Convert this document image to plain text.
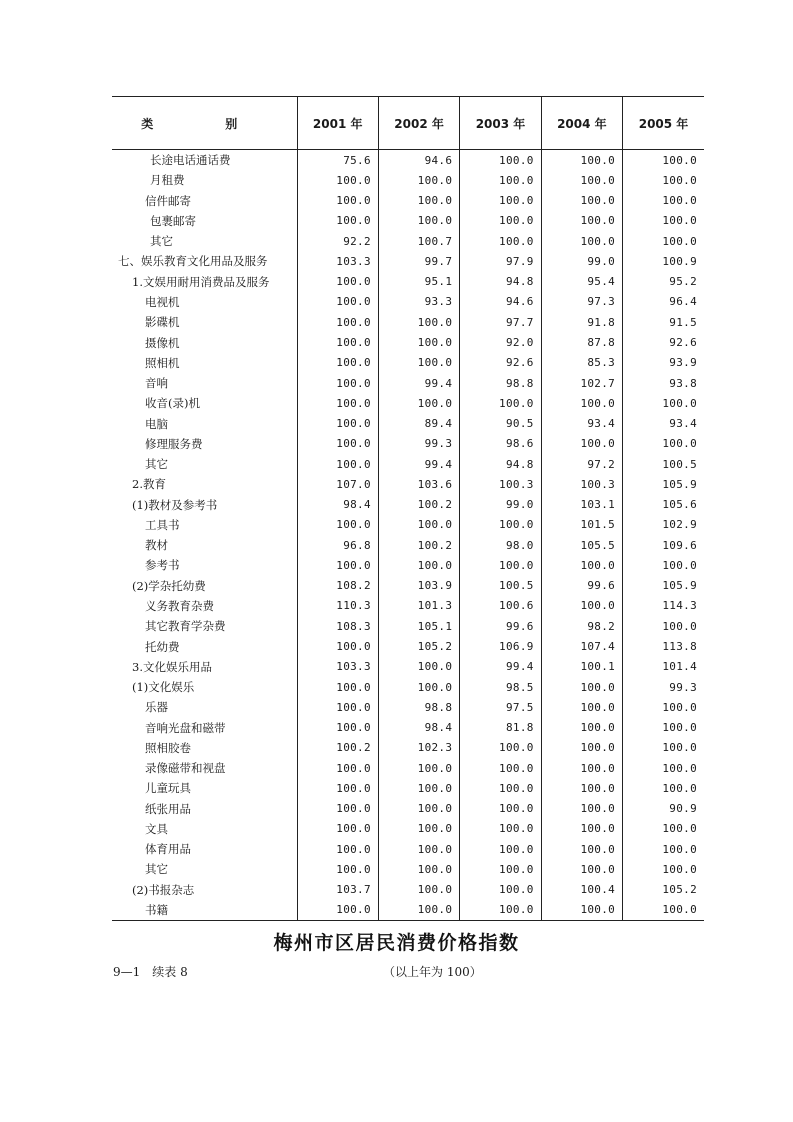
类　别	2001 年	2002 年	2003 年	2004 年	2005 年
长途电话通话费	75.6	94.6	100.0	100.0	100.0
月租费	100.0	100.0	100.0	100.0	100.0
信件邮寄	100.0	100.0	100.0	100.0	100.0
包裹邮寄	100.0	100.0	100.0	100.0	100.0
其它	92.2	100.7	100.0	100.0	100.0
七、娱乐教育文化用品及服务	103.3	99.7	97.9	99.0	100.9
1.文娱用耐用消费品及服务	100.0	95.1	94.8	95.4	95.2
电视机	100.0	93.3	94.6	97.3	96.4
影碟机	100.0	100.0	97.7	91.8	91.5
摄像机	100.0	100.0	92.0	87.8	92.6
照相机	100.0	100.0	92.6	85.3	93.9
音响	100.0	99.4	98.8	102.7	93.8
收音(录)机	100.0	100.0	100.0	100.0	100.0
电脑	100.0	89.4	90.5	93.4	93.4
修理服务费	100.0	99.3	98.6	100.0	100.0
其它	100.0	99.4	94.8	97.2	100.5
2.教育	107.0	103.6	100.3	100.3	105.9
(1)教材及参考书	98.4	100.2	99.0	103.1	105.6
工具书	100.0	100.0	100.0	101.5	102.9
教材	96.8	100.2	98.0	105.5	109.6
参考书	100.0	100.0	100.0	100.0	100.0
(2)学杂托幼费	108.2	103.9	100.5	99.6	105.9
义务教育杂费	110.3	101.3	100.6	100.0	114.3
其它教育学杂费	108.3	105.1	99.6	98.2	100.0
托幼费	100.0	105.2	106.9	107.4	113.8
3.文化娱乐用品	103.3	100.0	99.4	100.1	101.4
(1)文化娱乐	100.0	100.0	98.5	100.0	99.3
乐器	100.0	98.8	97.5	100.0	100.0
音响光盘和磁带	100.0	98.4	81.8	100.0	100.0
照相胶卷	100.2	102.3	100.0	100.0	100.0
录像磁带和视盘	100.0	100.0	100.0	100.0	100.0
儿童玩具	100.0	100.0	100.0	100.0	100.0
纸张用品	100.0	100.0	100.0	100.0	90.9
文具	100.0	100.0	100.0	100.0	100.0
体育用品	100.0	100.0	100.0	100.0	100.0
其它	100.0	100.0	100.0	100.0	100.0
(2)书报杂志	103.7	100.0	100.0	100.4	105.2
书籍	100.0	100.0	100.0	100.0	100.0
梅州市区居民消费价格指数
9—1　续表 8	（以上年为 100）
